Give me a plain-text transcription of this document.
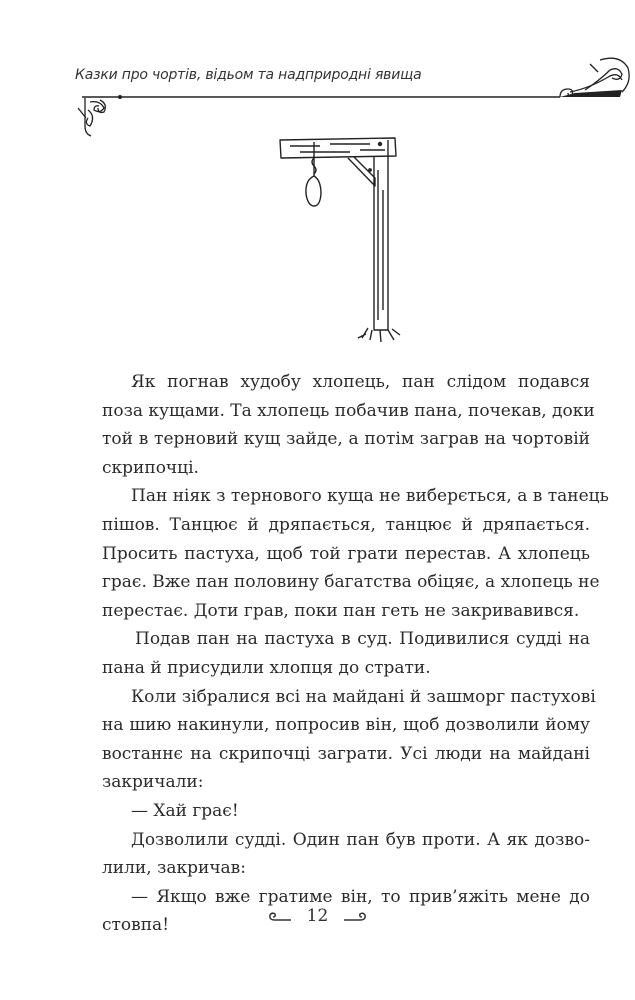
Казки про чортів, відьом та надприродні явища
Як погнав худобу хлопець, пан слідом подався
поза кущами. Та хлопець побачив пана, почекав, доки
той в терновий кущ зайде, а потім заграв на чортовій
скрипочці.
Пан ніяк з тернового куща не виберється, а в танець
пішов. Танцює й дряпається, танцює й дряпається.
Просить пастуха, щоб той грати перестав. А хлопець
грає. Вже пан половину багатства обіцяє, а хлопець не
перестає. Доти грав, поки пан геть не закривавився.
Подав пан на пастуха в суд. Подивилися судді на
пана й присудили хлопця до страти.
Коли зібралися всі на майдані й зашморг пастухові
на шию накинули, попросив він, щоб дозволили йому
востаннє на скрипочці заграти. Усі люди на майдані
закричали:
— Хай грає!
Дозволили судді. Один пан був проти. А як дозво-
лили, закричав:
— Якщо вже гратиме він, то прив’яжіть мене до
стовпа!	12
